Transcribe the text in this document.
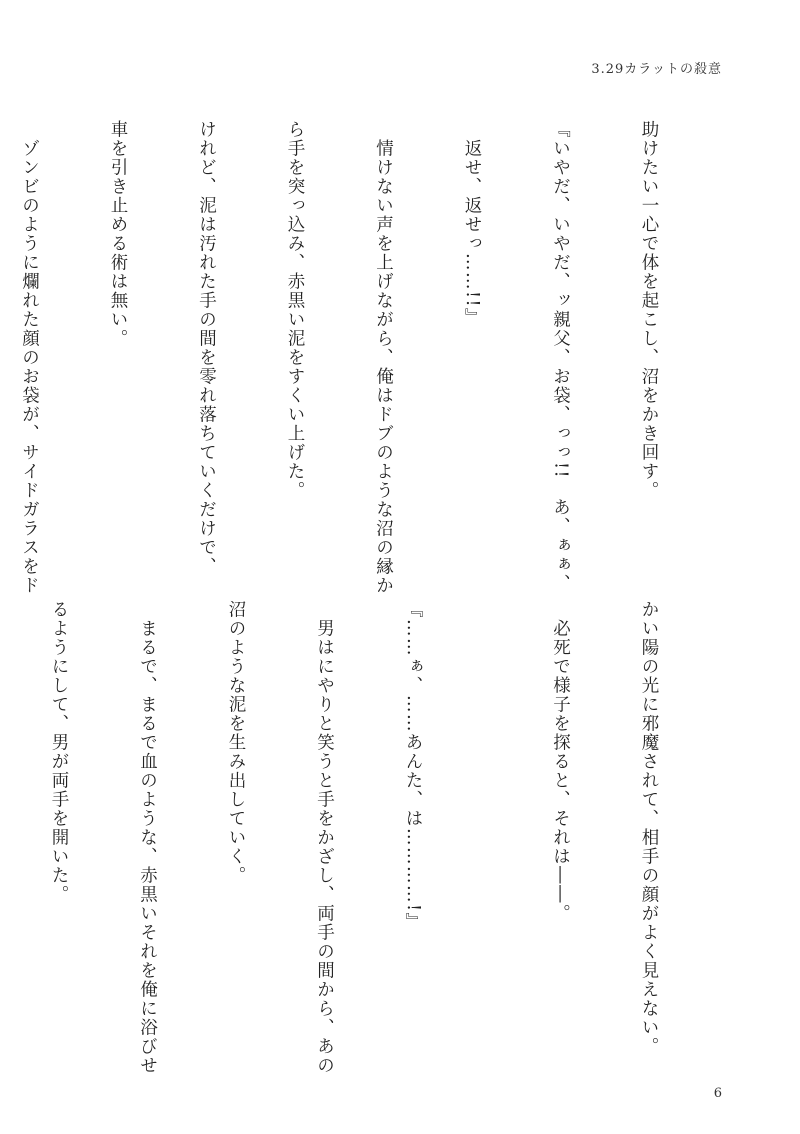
3.29カラットの殺意

助けたい一心で体を起こし、沼をかき回す。

『いやだ、いやだ、ッ親父、お袋、っっ!!　あ、ぁぁ、

　返せ、返せっ……!!』

　情けない声を上げながら、俺はドブのような沼の縁か

ら手を突っ込み、赤黒い泥をすくい上げた。

けれど、泥は汚れた手の間を零れ落ちていくだけで、

車を引き止める術は無い。

　ゾンビのように爛れた顔のお袋が、サイドガラスをド

かい陽の光に邪魔されて、相手の顔がよく見えない。

　必死で様子を探ると、それは――。

『……ぁ、……あんた、は…………!』

　男はにやりと笑うと手をかざし、両手の間から、あの

沼のような泥を生み出していく。

　まるで、まるで血のような、赤黒いそれを俺に浴びせ

るようにして、男が両手を開いた。

6
